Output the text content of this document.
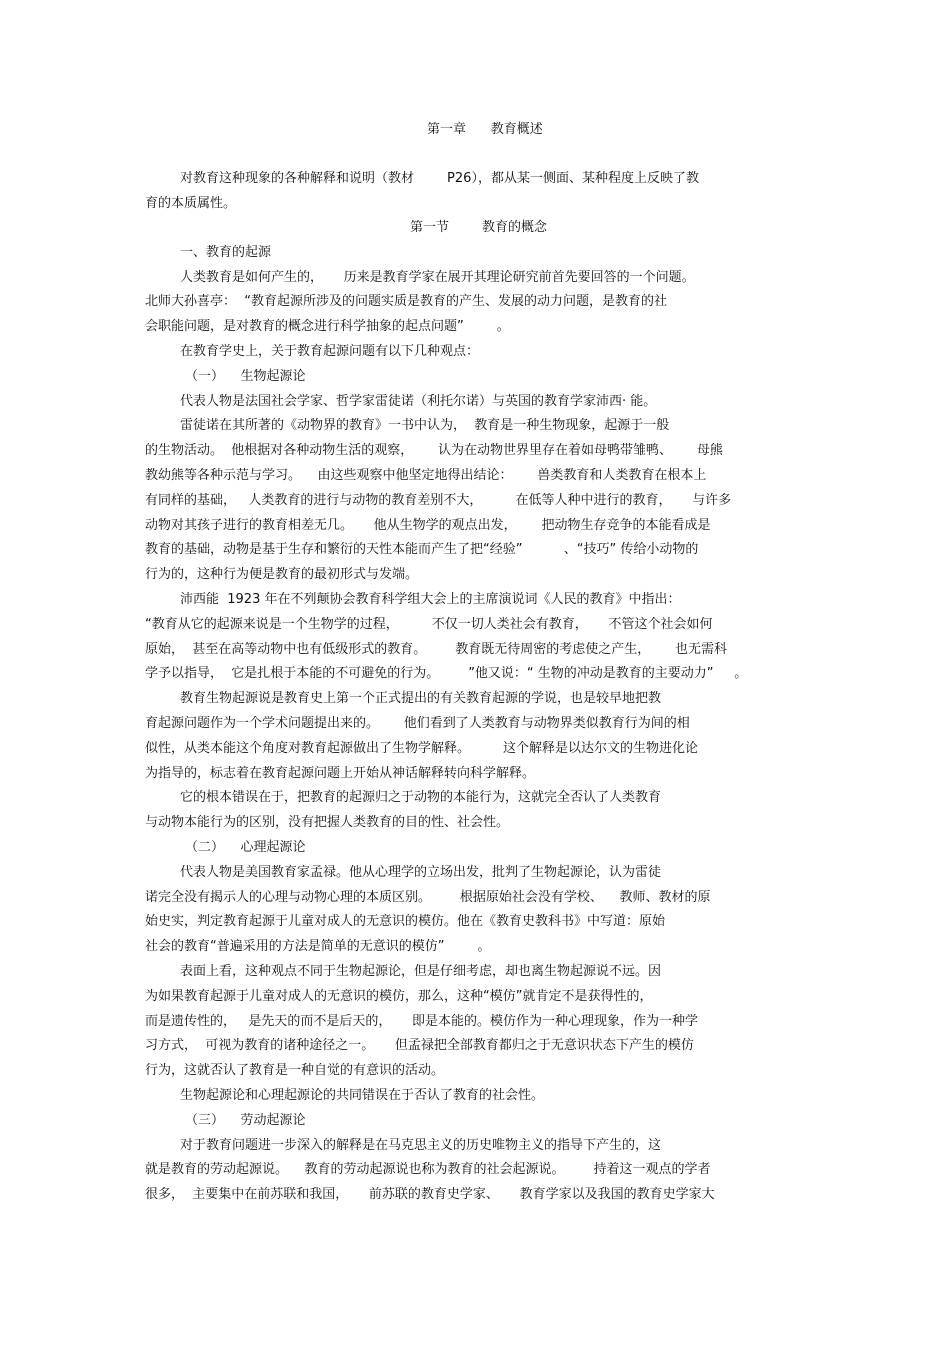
第一章      教育概述
对教育这种现象的各种解释和说明（教材        P26），都从某一侧面、某种程度上反映了教
育的本质属性。
第一节        教育的概念
一、教育的起源
人类教育是如何产生的，     历来是教育学家在展开其理论研究前首先要回答的一个问题。
北师大孙喜亭：  “教育起源所涉及的问题实质是教育的产生、发展的动力问题，是教育的社
会职能问题，是对教育的概念进行科学抽象的起点问题”        。
在教育学史上，关于教育起源问题有以下几种观点：
（一）    生物起源论
代表人物是法国社会学家、哲学家雷徒诺（利托尔诺）与英国的教育学家沛西· 能。
雷徒诺在其所著的《动物界的教育》一书中认为，  教育是一种生物现象，起源于一般
的生物活动。  他根据对各种动物生活的观察，      认为在动物世界里存在着如母鸭带雏鸭、      母熊
教幼熊等各种示范与学习。    由这些观察中他坚定地得出结论：      兽类教育和人类教育在根本上
有同样的基础，   人类教育的进行与动物的教育差别不大，        在低等人种中进行的教育，     与许多
动物对其孩子进行的教育相差无几。     他从生物学的观点出发，      把动物生存竞争的本能看成是
教育的基础，动物是基于生存和繁衍的天性本能而产生了把“经验”          、“技巧” 传给小动物的
行为的，这种行为便是教育的最初形式与发端。
沛西能  1923 年在不列颠协会教育科学组大会上的主席演说词《人民的教育》中指出：
“教育从它的起源来说是一个生物学的过程，        不仅一切人类社会有教育，     不管这个社会如何
原始，  甚至在高等动物中也有低级形式的教育。       教育既无待周密的考虑使之产生，      也无需科
学予以指导，  它是扎根于本能的不可避免的行为。       ”他又说：“ 生物的冲动是教育的主要动力”     。
教育生物起源说是教育史上第一个正式提出的有关教育起源的学说，也是较早地把教
育起源问题作为一个学术问题提出来的。      他们看到了人类教育与动物界类似教育行为间的相
似性，从类本能这个角度对教育起源做出了生物学解释。        这个解释是以达尔文的生物进化论
为指导的，标志着在教育起源问题上开始从神话解释转向科学解释。
它的根本错误在于，把教育的起源归之于动物的本能行为，这就完全否认了人类教育
与动物本能行为的区别，没有把握人类教育的目的性、社会性。
（二）    心理起源论
代表人物是美国教育家孟禄。他从心理学的立场出发，批判了生物起源论，认为雷徒
诺完全没有揭示人的心理与动物心理的本质区别。       根据原始社会没有学校、    教师、教材的原
始史实，判定教育起源于儿童对成人的无意识的模仿。他在《教育史教科书》中写道：原始
社会的教育“普遍采用的方法是简单的无意识的模仿”        。
表面上看，这种观点不同于生物起源论，但是仔细考虑，却也离生物起源说不远。因
为如果教育起源于儿童对成人的无意识的模仿，那么，这种“模仿”就肯定不是获得性的，
而是遗传性的，   是先天的而不是后天的，     即是本能的。模仿作为一种心理现象，作为一种学
习方式，  可视为教育的诸种途径之一。     但孟禄把全部教育都归之于无意识状态下产生的模仿
行为，这就否认了教育是一种自觉的有意识的活动。
生物起源论和心理起源论的共同错误在于否认了教育的社会性。
（三）    劳动起源论
对于教育问题进一步深入的解释是在马克思主义的历史唯物主义的指导下产生的，这
就是教育的劳动起源说。    教育的劳动起源说也称为教育的社会起源说。       持着这一观点的学者
很多，  主要集中在前苏联和我国，     前苏联的教育史学家、     教育学家以及我国的教育史学家大
